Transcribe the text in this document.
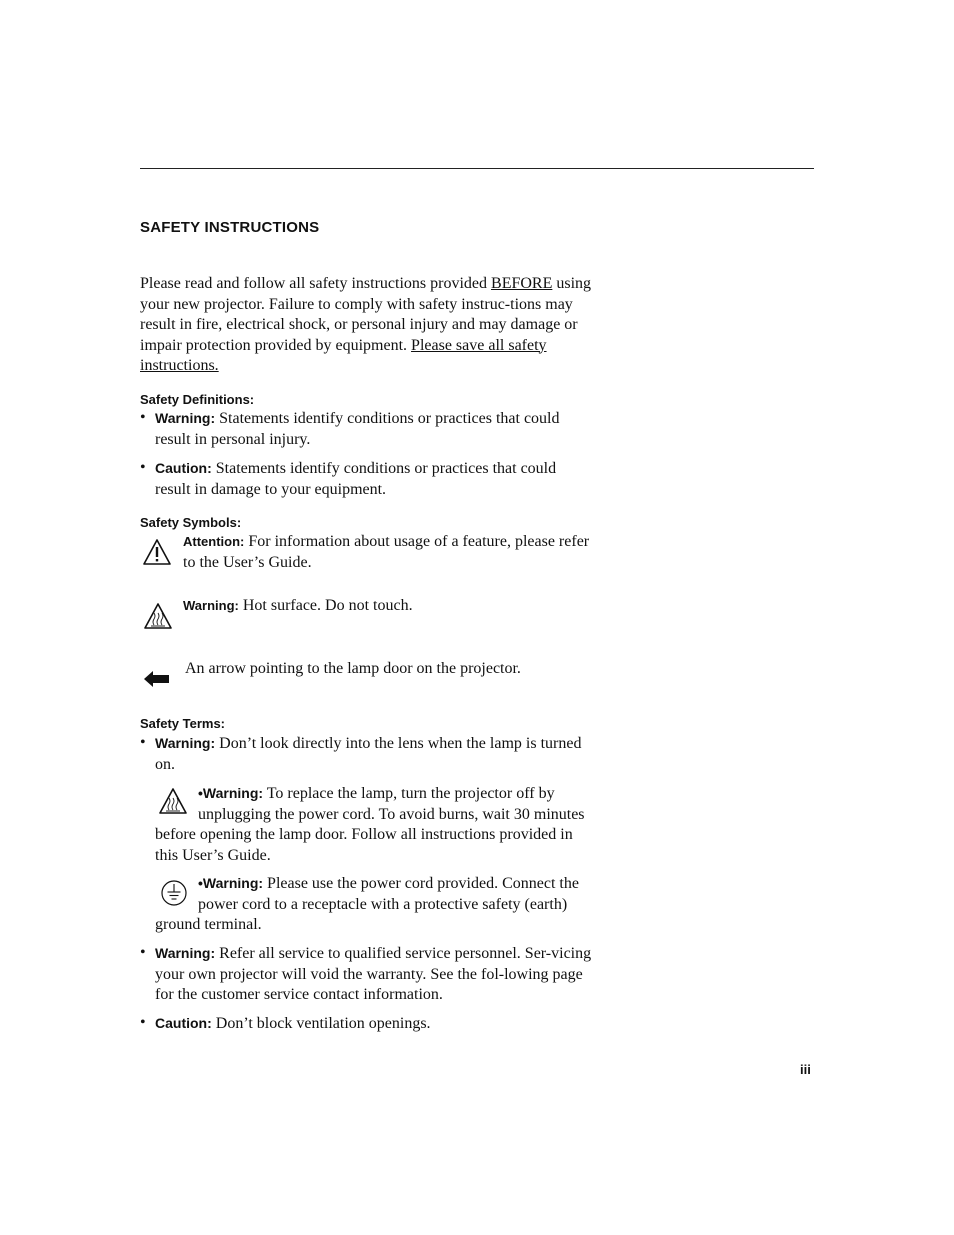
SAFETY INSTRUCTIONS
Please read and follow all safety instructions provided BEFORE using your new projector. Failure to comply with safety instruc-tions may result in fire, electrical shock, or personal injury and may damage or impair protection provided by equipment. Please save all safety instructions.
Safety Definitions:
• Warning: Statements identify conditions or practices that could result in personal injury.
• Caution: Statements identify conditions or practices that could result in damage to your equipment.
Safety Symbols:
Attention: For information about usage of a feature, please refer to the User’s Guide.
Warning: Hot surface. Do not touch.
An arrow pointing to the lamp door on the projector.
Safety Terms:
• Warning: Don’t look directly into the lens when the lamp is turned on.
•Warning: To replace the lamp, turn the projector off by unplugging the power cord. To avoid burns, wait 30 minutes before opening the lamp door. Follow all instructions provided in this User’s Guide.
•Warning: Please use the power cord provided. Connect the power cord to a receptacle with a protective safety (earth) ground terminal.
• Warning: Refer all service to qualified service personnel. Ser-vicing your own projector will void the warranty. See the fol-lowing page for the customer service contact information.
• Caution: Don’t block ventilation openings.
iii
